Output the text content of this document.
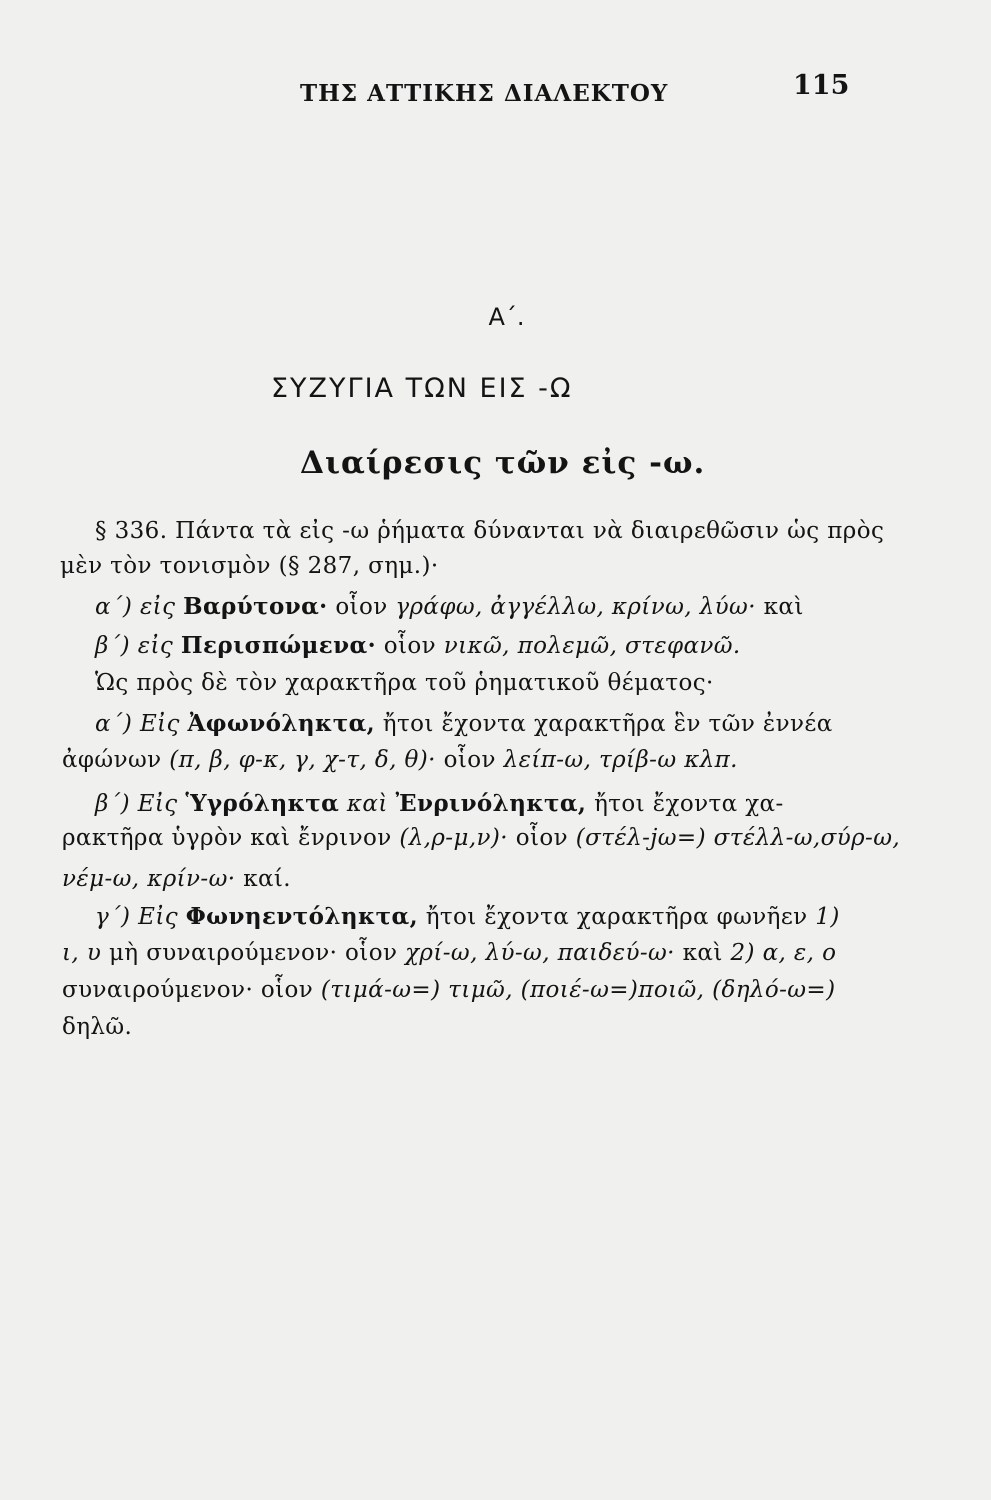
ΤΗΣ ΑΤΤΙΚΗΣ ΔΙΑΛΕΚΤΟΥ	115
Α΄.
ΣΥΖΥΓΙΑ ΤΩΝ ΕΙΣ -Ω
Διαίρεσις τῶν εἰς -ω.
§ 336. Πάντα τὰ εἰς -ω ῥήματα δύνανται νὰ διαιρεθῶσιν ὡς πρὸς
μὲν τὸν τονισμὸν (§ 287, σημ.)·
α΄) εἰς Βαρύτονα· οἷον γράφω, ἀγγέλλω, κρίνω, λύω· καὶ
β΄) εἰς Περισπώμενα· οἷον νικῶ, πολεμῶ, στεφανῶ.
Ὡς πρὸς δὲ τὸν χαρακτῆρα τοῦ ῥηματικοῦ θέματος·
α΄) Εἰς Ἀφωνόληκτα, ἤτοι ἔχοντα χαρακτῆρα ἓν τῶν ἐννέα
ἀφώνων (π, β, φ-κ, γ, χ-τ, δ, θ)· οἷον λείπ-ω, τρίβ-ω κλπ.
β΄) Εἰς Ὑγρόληκτα καὶ Ἐνρινόληκτα, ἤτοι ἔχοντα χα-
ρακτῆρα ὑγρὸν καὶ ἔνρινον (λ,ρ-μ,ν)· οἷον (στέλ-jω=) στέλλ-ω,σύρ-ω,
νέμ-ω, κρίν-ω· καί.
γ΄) Εἰς Φωνηεντόληκτα, ἤτοι ἔχοντα χαρακτῆρα φωνῆεν 1)
ι, υ μὴ συναιρούμενον· οἷον χρί-ω, λύ-ω, παιδεύ-ω· καὶ 2) α, ε, ο
συναιρούμενον· οἷον (τιμά-ω=) τιμῶ, (ποιέ-ω=)ποιῶ, (δηλό-ω=)
δηλῶ.
